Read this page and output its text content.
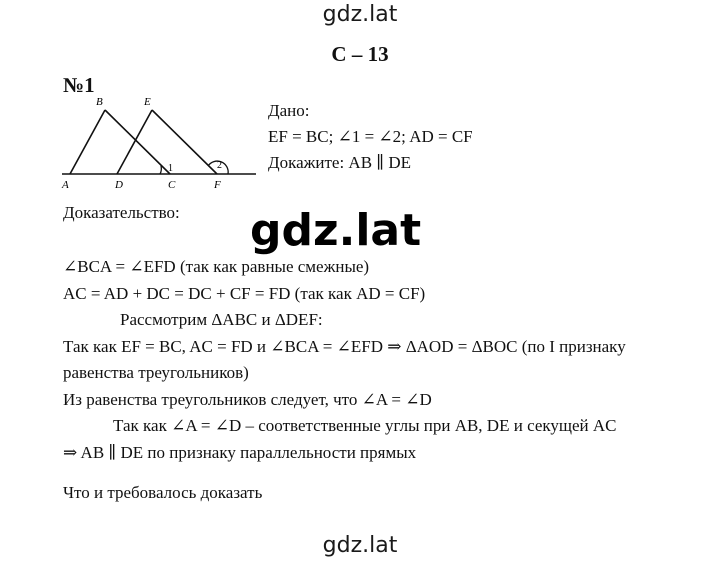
gdz.lat
С – 13
№1
A
B
D
E
C	F
1	2
Дано:
EF = BC; ∠1 = ∠2; AD = CF
Докажите: AB ∥ DE
Доказательство: gdz.lat
∠BCA = ∠EFD (так как равные смежные)
AC = AD + DC = DC + CF = FD (так как AD = CF)
Рассмотрим ΔABC и ΔDEF:
Так как EF = BC, AC = FD и ∠BCA = ∠EFD ⇒ ΔAOD = ΔBOC (по I признаку
равенства треугольников)
Из равенства треугольников следует, что ∠A = ∠D
Так как ∠A = ∠D – соответственные углы при AB, DE и секущей AC
⇒ AB ∥ DE по признаку параллельности прямых
Что и требовалось доказать
gdz.lat
